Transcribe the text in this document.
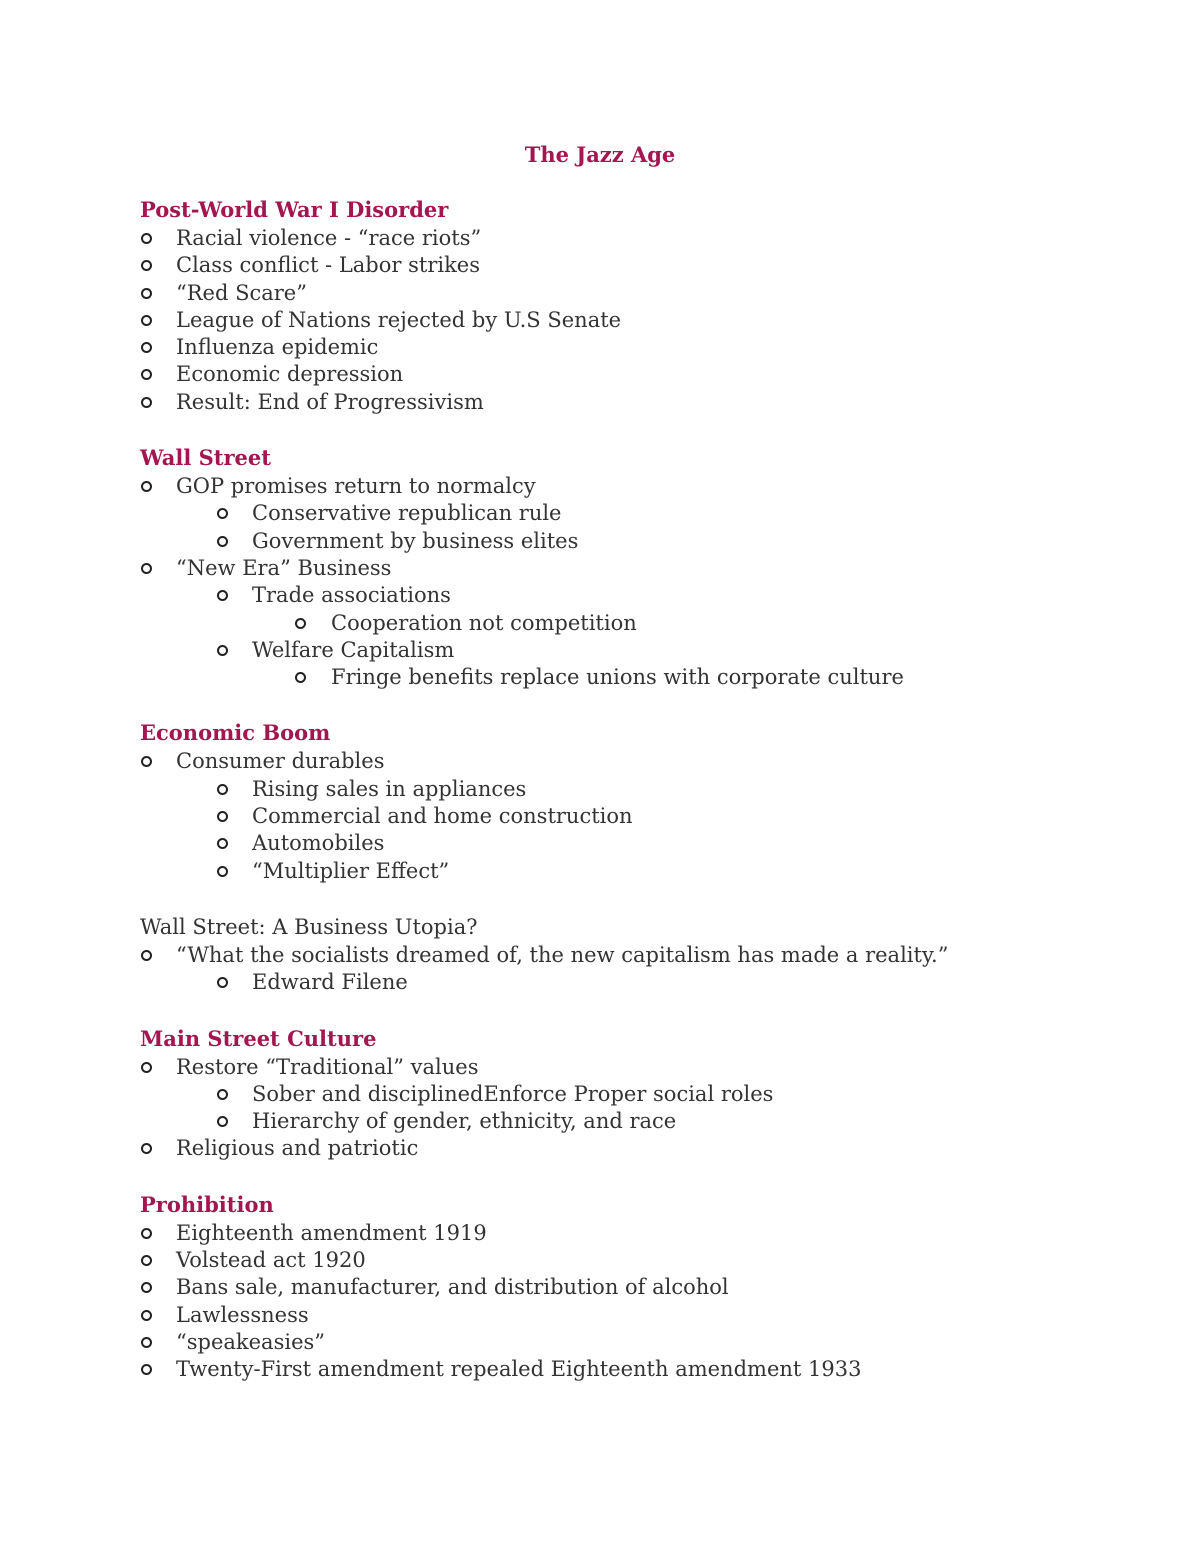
The Jazz Age
Post-World War I Disorder
Racial violence - “race riots”
Class conflict - Labor strikes
“Red Scare”
League of Nations rejected by U.S Senate
Influenza epidemic
Economic depression
Result: End of Progressivism
Wall Street
GOP promises return to normalcy
Conservative republican rule
Government by business elites
“New Era” Business
Trade associations
Cooperation not competition
Welfare Capitalism
Fringe benefits replace unions with corporate culture
Economic Boom
Consumer durables
Rising sales in appliances
Commercial and home construction
Automobiles
“Multiplier Effect”
Wall Street: A Business Utopia?
“What the socialists dreamed of, the new capitalism has made a reality.”
Edward Filene
Main Street Culture
Restore “Traditional” values
Sober and disciplinedEnforce Proper social roles
Hierarchy of gender, ethnicity, and race
Religious and patriotic
Prohibition
Eighteenth amendment 1919
Volstead act 1920
Bans sale, manufacturer, and distribution of alcohol
Lawlessness
“speakeasies”
Twenty-First amendment repealed Eighteenth amendment 1933
